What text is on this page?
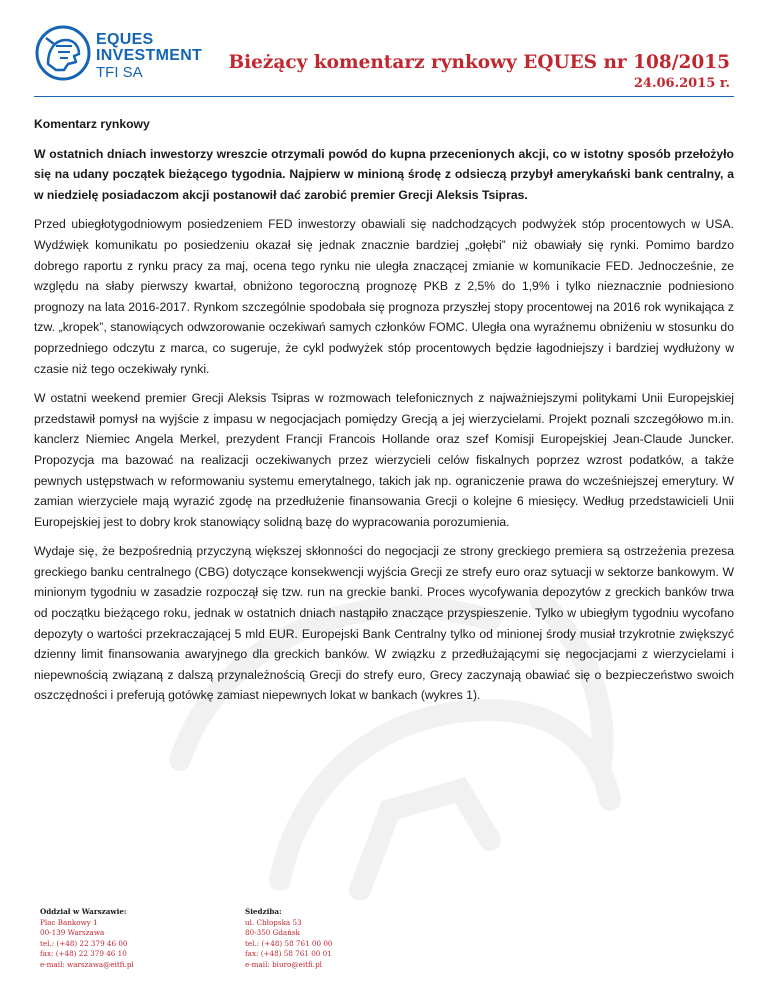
EQUES
INVESTMENT
TFI SA	Bieżący komentarz rynkowy EQUES nr 108/2015
24.06.2015 r.

Komentarz rynkowy

W ostatnich dniach inwestorzy wreszcie otrzymali powód do kupna przecenionych akcji, co w istotny sposób przełożyło się na udany początek bieżącego tygodnia. Najpierw w minioną środę z odsieczą przybył amerykański bank centralny, a w niedzielę posiadaczom akcji postanowił dać zarobić premier Grecji Aleksis Tsipras.

Przed ubiegłotygodniowym posiedzeniem FED inwestorzy obawiali się nadchodzących podwyżek stóp procentowych w USA. Wydźwięk komunikatu po posiedzeniu okazał się jednak znacznie bardziej „gołębi” niż obawiały się rynki. Pomimo bardzo dobrego raportu z rynku pracy za maj, ocena tego rynku nie uległa znaczącej zmianie w komunikacie FED. Jednocześnie, ze względu na słaby pierwszy kwartał, obniżono tegoroczną prognozę PKB z 2,5% do 1,9% i tylko nieznacznie podniesiono prognozy na lata 2016-2017. Rynkom szczególnie spodobała się prognoza przyszłej stopy procentowej na 2016 rok wynikająca z tzw. „kropek”, stanowiących odwzorowanie oczekiwań samych członków FOMC. Uległa ona wyraźnemu obniżeniu w stosunku do poprzedniego odczytu z marca, co sugeruje, że cykl podwyżek stóp procentowych będzie łagodniejszy i bardziej wydłużony w czasie niż tego oczekiwały rynki.

W ostatni weekend premier Grecji Aleksis Tsipras w rozmowach telefonicznych z najważniejszymi politykami Unii Europejskiej przedstawił pomysł na wyjście z impasu w negocjacjach pomiędzy Grecją a jej wierzycielami. Projekt poznali szczegółowo m.in. kanclerz Niemiec Angela Merkel, prezydent Francji Francois Hollande oraz szef Komisji Europejskiej Jean-Claude Juncker. Propozycja ma bazować na realizacji oczekiwanych przez wierzycieli celów fiskalnych poprzez wzrost podatków, a także pewnych ustępstwach w reformowaniu systemu emerytalnego, takich jak np. ograniczenie prawa do wcześniejszej emerytury. W zamian wierzyciele mają wyrazić zgodę na przedłużenie finansowania Grecji o kolejne 6 miesięcy. Według przedstawicieli Unii Europejskiej jest to dobry krok stanowiący solidną bazę do wypracowania porozumienia.

Wydaje się, że bezpośrednią przyczyną większej skłonności do negocjacji ze strony greckiego premiera są ostrzeżenia prezesa greckiego banku centralnego (CBG) dotyczące konsekwencji wyjścia Grecji ze strefy euro oraz sytuacji w sektorze bankowym. W minionym tygodniu w zasadzie rozpoczął się tzw. run na greckie banki. Proces wycofywania depozytów z greckich banków trwa od początku bieżącego roku, jednak w ostatnich dniach nastąpiło znaczące przyspieszenie. Tylko w ubiegłym tygodniu wycofano depozyty o wartości przekraczającej 5 mld EUR. Europejski Bank Centralny tylko od minionej środy musiał trzykrotnie zwiększyć dzienny limit finansowania awaryjnego dla greckich banków. W związku z przedłużającymi się negocjacjami z wierzycielami i niepewnością związaną z dalszą przynależnością Grecji do strefy euro, Grecy zaczynają obawiać się o bezpieczeństwo swoich oszczędności i preferują gotówkę zamiast niepewnych lokat w bankach (wykres 1).

Oddział w Warszawie:
Plac Bankowy 1
00-139 Warszawa
tel.: (+48) 22 379 46 00
fax: (+48) 22 379 46 10
e-mail: warszawa@eitfi.pl
Siedziba:
ul. Chłopska 53
80-350 Gdańsk
tel.: (+48) 58 761 00 00
fax: (+48) 58 761 00 01
e-mail: biuro@eitfi.pl
